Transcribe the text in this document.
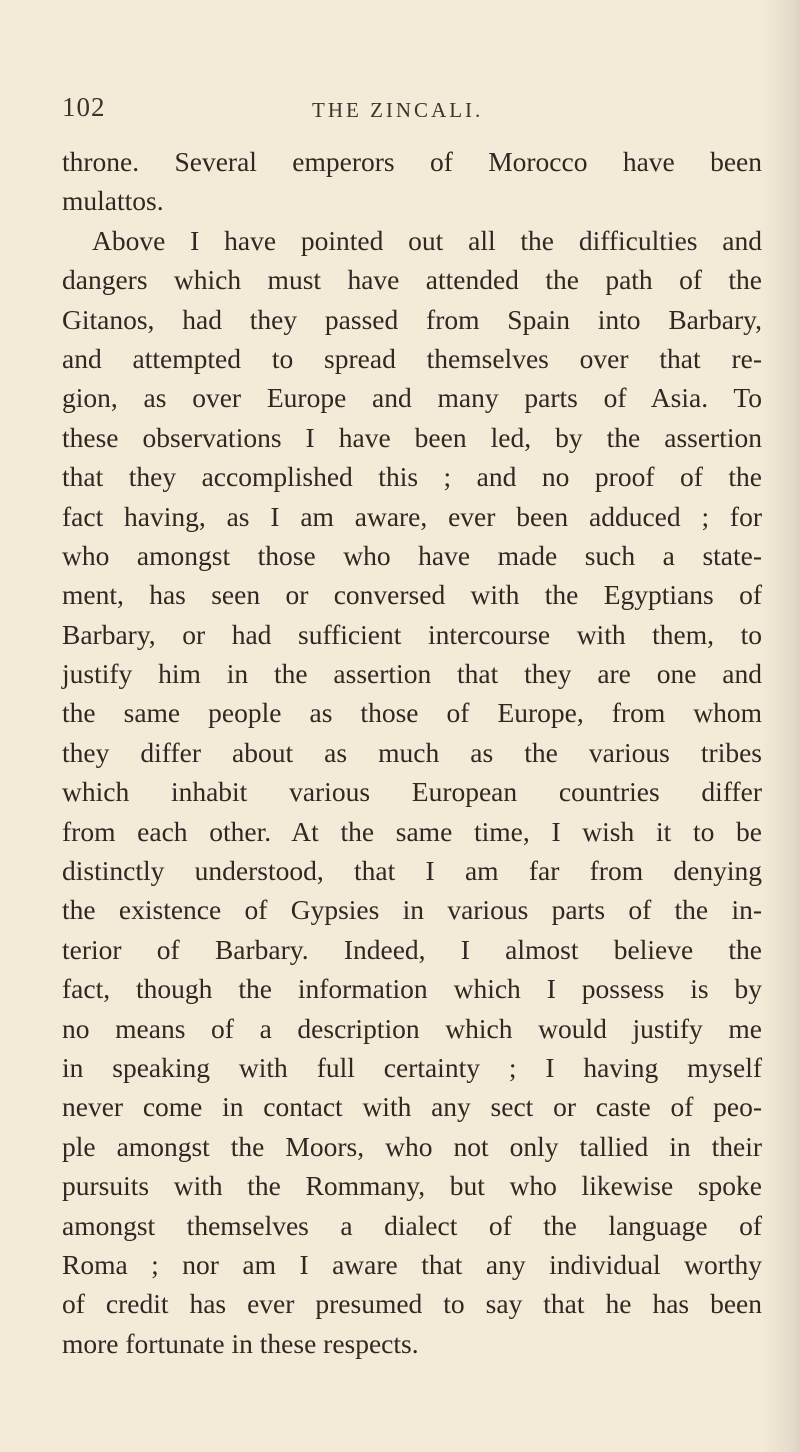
102	THE ZINCALI.
throne. Several emperors of Morocco have been
mulattos.
Above I have pointed out all the difficulties and
dangers which must have attended the path of the
Gitanos, had they passed from Spain into Barbary,
and attempted to spread themselves over that re-
gion, as over Europe and many parts of Asia. To
these observations I have been led, by the assertion
that they accomplished this ; and no proof of the
fact having, as I am aware, ever been adduced ; for
who amongst those who have made such a state-
ment, has seen or conversed with the Egyptians of
Barbary, or had sufficient intercourse with them, to
justify him in the assertion that they are one and
the same people as those of Europe, from whom
they differ about as much as the various tribes
which inhabit various European countries differ
from each other. At the same time, I wish it to be
distinctly understood, that I am far from denying
the existence of Gypsies in various parts of the in-
terior of Barbary. Indeed, I almost believe the
fact, though the information which I possess is by
no means of a description which would justify me
in speaking with full certainty ; I having myself
never come in contact with any sect or caste of peo-
ple amongst the Moors, who not only tallied in their
pursuits with the Rommany, but who likewise spoke
amongst themselves a dialect of the language of
Roma ; nor am I aware that any individual worthy
of credit has ever presumed to say that he has been
more fortunate in these respects.
